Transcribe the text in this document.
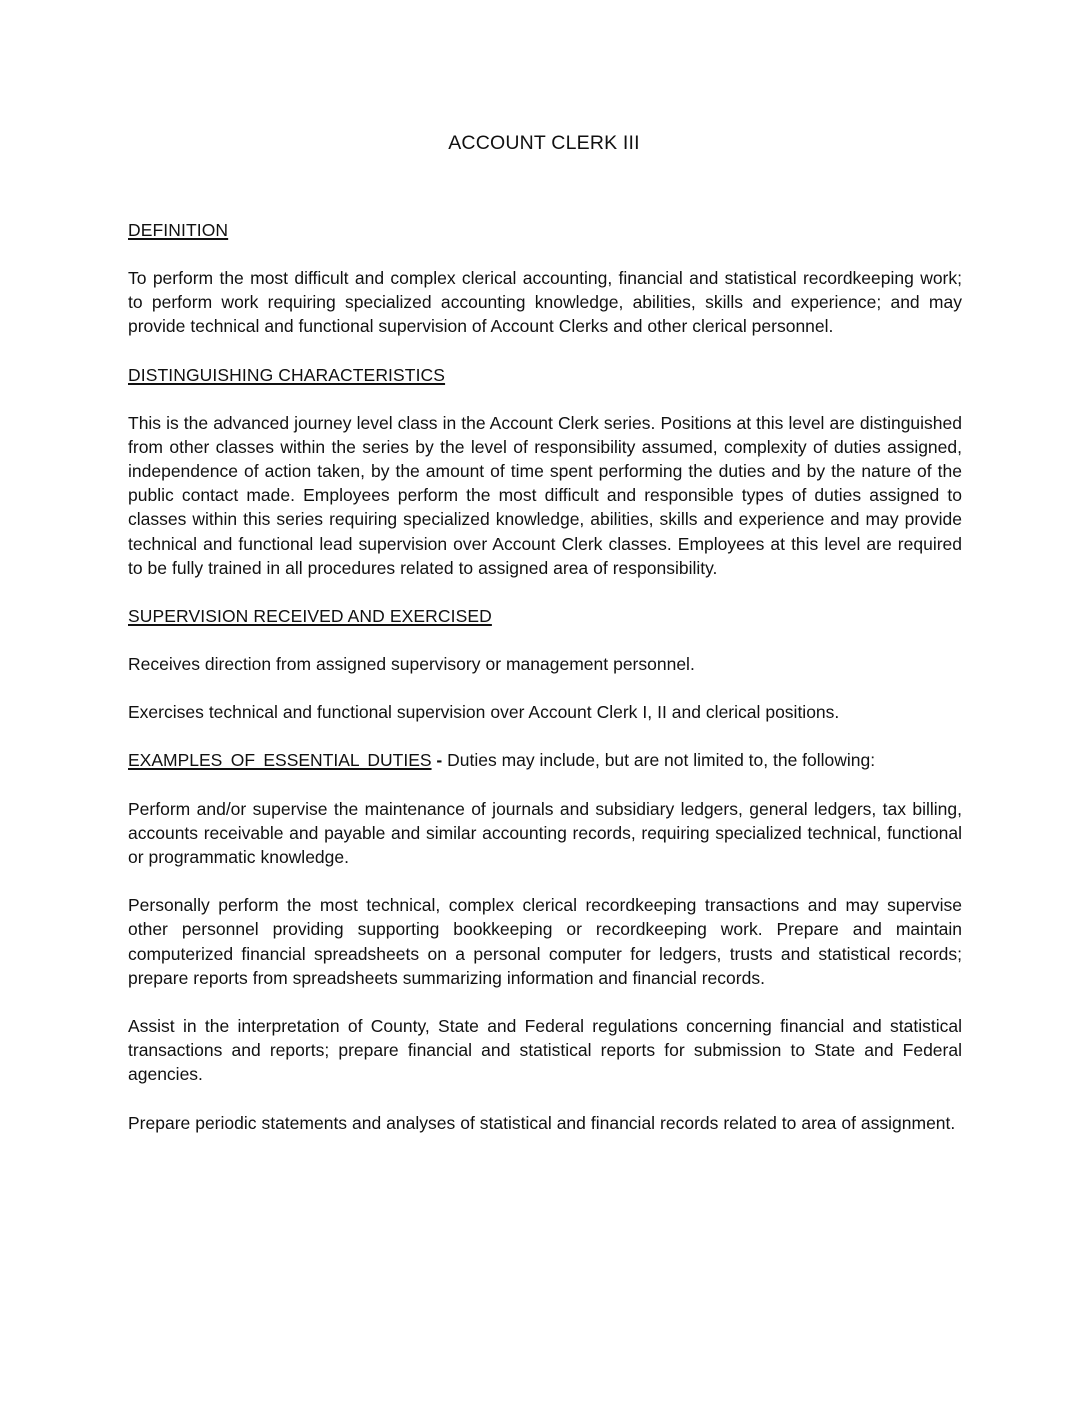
ACCOUNT CLERK III
DEFINITION

To perform the most difficult and complex clerical accounting, financial and statistical recordkeeping work; to perform work requiring specialized accounting knowledge, abilities, skills and experience; and may provide technical and functional supervision of Account Clerks and other clerical personnel.

DISTINGUISHING CHARACTERISTICS

This is the advanced journey level class in the Account Clerk series. Positions at this level are distinguished from other classes within the series by the level of responsibility assumed, complexity of duties assigned, independence of action taken, by the amount of time spent performing the duties and by the nature of the public contact made. Employees perform the most difficult and responsible types of duties assigned to classes within this series requiring specialized knowledge, abilities, skills and experience and may provide technical and functional lead supervision over Account Clerk classes. Employees at this level are required to be fully trained in all procedures related to assigned area of responsibility.

SUPERVISION RECEIVED AND EXERCISED

Receives direction from assigned supervisory or management personnel.

Exercises technical and functional supervision over Account Clerk I, II and clerical positions.

EXAMPLES OF ESSENTIAL DUTIES - Duties may include, but are not limited to, the following:

Perform and/or supervise the maintenance of journals and subsidiary ledgers, general ledgers, tax billing, accounts receivable and payable and similar accounting records, requiring specialized technical, functional or programmatic knowledge.

Personally perform the most technical, complex clerical recordkeeping transactions and may supervise other personnel providing supporting bookkeeping or recordkeeping work. Prepare and maintain computerized financial spreadsheets on a personal computer for ledgers, trusts and statistical records; prepare reports from spreadsheets summarizing information and financial records.

Assist in the interpretation of County, State and Federal regulations concerning financial and statistical transactions and reports; prepare financial and statistical reports for submission to State and Federal agencies.

Prepare periodic statements and analyses of statistical and financial records related to area of assignment.
